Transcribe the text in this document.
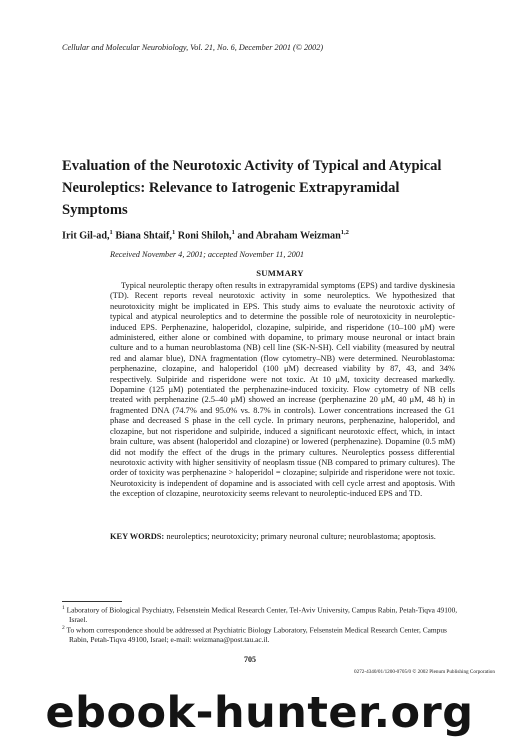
Cellular and Molecular Neurobiology, Vol. 21, No. 6, December 2001 (© 2002)
Evaluation of the Neurotoxic Activity of Typical and Atypical Neuroleptics: Relevance to Iatrogenic Extrapyramidal Symptoms
Irit Gil-ad,$^1$ Biana Shtaif,$^1$ Roni Shiloh,$^1$ and Abraham Weizman$^{1,2}$
Received November 4, 2001; accepted November 11, 2001
SUMMARY

Typical neuroleptic therapy often results in extrapyramidal symptoms (EPS) and tardive dyskinesia (TD). Recent reports reveal neurotoxic activity in some neuroleptics. We hypothesized that neurotoxicity might be implicated in EPS. This study aims to evaluate the neurotoxic activity of typical and atypical neuroleptics and to determine the possible role of neurotoxicity in neuroleptic-induced EPS. Perphenazine, haloperidol, clozapine, sulpiride, and risperidone (10–100 μM) were administered, either alone or combined with dopamine, to primary mouse neuronal or intact brain culture and to a human neuroblastoma (NB) cell line (SK-N-SH). Cell viability (measured by neutral red and alamar blue), DNA fragmentation (flow cytometry–NB) were determined. Neuroblastoma: perphenazine, clozapine, and haloperidol (100 μM) decreased viability by 87, 43, and 34% respectively. Sulpiride and risperidone were not toxic. At 10 μM, toxicity decreased markedly. Dopamine (125 μM) potentiated the perphenazine-induced toxicity. Flow cytometry of NB cells treated with perphenazine (2.5–40 μM) showed an increase (perphenazine 20 μM, 40 μM, 48 h) in fragmented DNA (74.7% and 95.0% vs. 8.7% in controls). Lower concentrations increased the G1 phase and decreased S phase in the cell cycle. In primary neurons, perphenazine, haloperidol, and clozapine, but not risperidone and sulpiride, induced a significant neurotoxic effect, which, in intact brain culture, was absent (haloperidol and clozapine) or lowered (perphenazine). Dopamine (0.5 mM) did not modify the effect of the drugs in the primary cultures. Neuroleptics possess differential neurotoxic activity with higher sensitivity of neoplasm tissue (NB compared to primary cultures). The order of toxicity was perphenazine > haloperidol = clozapine; sulpiride and risperidone were not toxic. Neurotoxicity is independent of dopamine and is associated with cell cycle arrest and apoptosis. With the exception of clozapine, neurotoxicity seems relevant to neuroleptic-induced EPS and TD.

KEY WORDS: neuroleptics; neurotoxicity; primary neuronal culture; neuroblastoma; apoptosis.

$^1$ Laboratory of Biological Psychiatry, Felsenstein Medical Research Center, Tel-Aviv University, Campus Rabin, Petah-Tiqva 49100, Israel.

$^2$ To whom correspondence should be addressed at Psychiatric Biology Laboratory, Felsenstein Medical Research Center, Campus Rabin, Petah-Tiqva 49100, Israel; e-mail: weizmana@post.tau.ac.il.

705
0272-4340/01/1200-0705/0 © 2002 Plenum Publishing Corporation
ebook-hunter.org
